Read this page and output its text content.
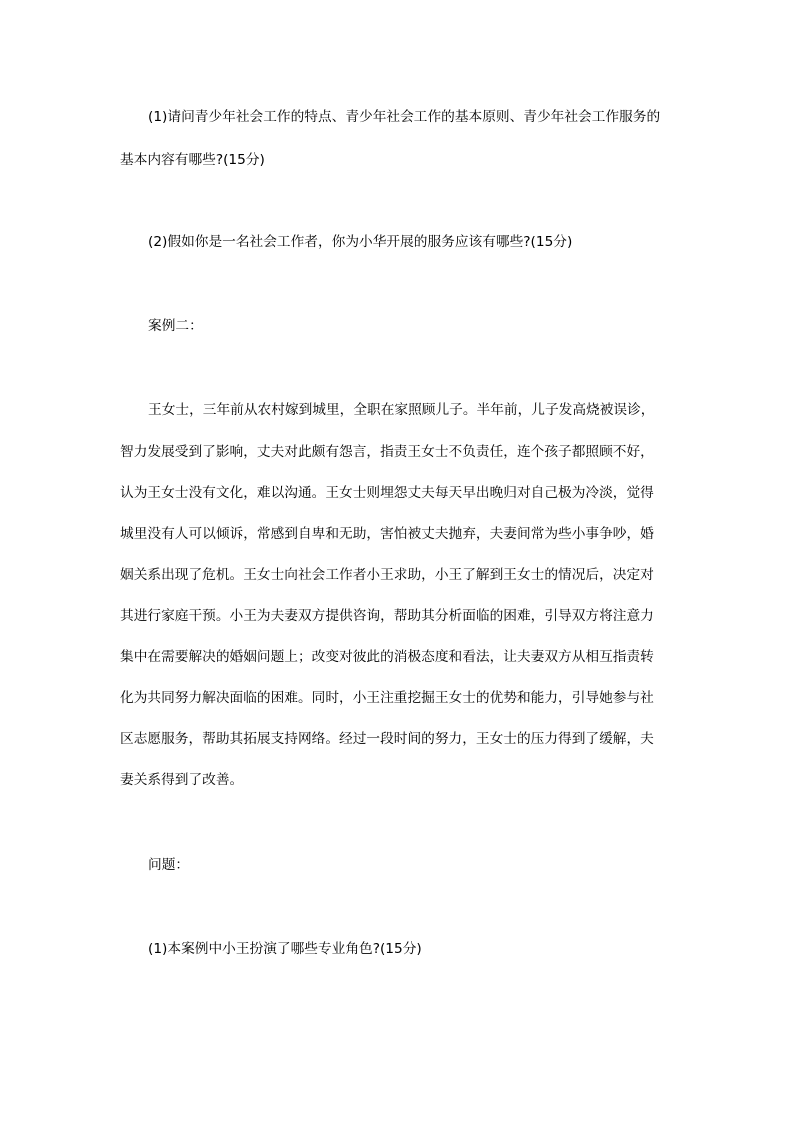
(1)请问青少年社会工作的特点、青少年社会工作的基本原则、青少年社会工作服务的
基本内容有哪些?(15分)
(2)假如你是一名社会工作者，你为小华开展的服务应该有哪些?(15分)
案例二：
王女士，三年前从农村嫁到城里，全职在家照顾儿子。半年前，儿子发高烧被误诊，
智力发展受到了影响，丈夫对此颇有怨言，指责王女士不负责任，连个孩子都照顾不好，
认为王女士没有文化，难以沟通。王女士则埋怨丈夫每天早出晚归对自己极为冷淡，觉得
城里没有人可以倾诉，常感到自卑和无助，害怕被丈夫抛弃，夫妻间常为些小事争吵，婚
姻关系出现了危机。王女士向社会工作者小王求助，小王了解到王女士的情况后，决定对
其进行家庭干预。小王为夫妻双方提供咨询，帮助其分析面临的困难，引导双方将注意力
集中在需要解决的婚姻问题上；改变对彼此的消极态度和看法，让夫妻双方从相互指责转
化为共同努力解决面临的困难。同时，小王注重挖掘王女士的优势和能力，引导她参与社
区志愿服务，帮助其拓展支持网络。经过一段时间的努力，王女士的压力得到了缓解，夫
妻关系得到了改善。
问题：
(1)本案例中小王扮演了哪些专业角色?(15分)
